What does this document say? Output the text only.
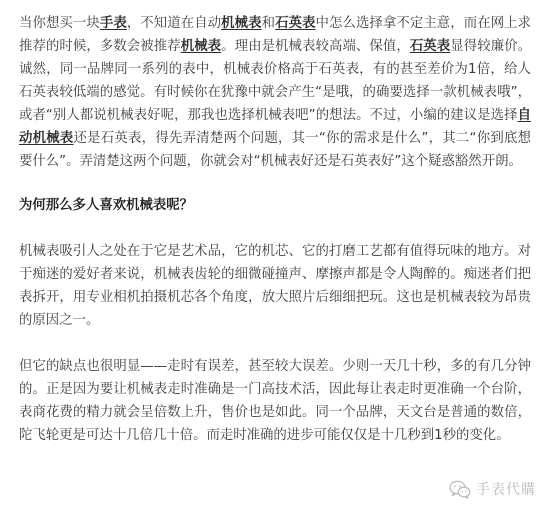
当你想买一块手表，不知道在自动机械表和石英表中怎么选择拿不定主意，而在网上求推荐的时候，多数会被推荐机械表。理由是机械表较高端、保值，石英表显得较廉价。诚然，同一品牌同一系列的表中，机械表价格高于石英表，有的甚至差价为1倍，给人石英表较低端的感觉。有时候你在犹豫中就会产生“是哦，的确要选择一款机械表哦”，或者“别人都说机械表好呢，那我也选择机械表吧”的想法。不过，小编的建议是选择自动机械表还是石英表，得先弄清楚两个问题，其一“你的需求是什么”，其二“你到底想要什么”。弄清楚这两个问题，你就会对“机械表好还是石英表好”这个疑惑豁然开朗。

为何那么多人喜欢机械表呢？

机械表吸引人之处在于它是艺术品，它的机芯、它的打磨工艺都有值得玩味的地方。对于痴迷的爱好者来说，机械表齿轮的细微碰撞声、摩擦声都是令人陶醉的。痴迷者们把表拆开，用专业相机拍摄机芯各个角度，放大照片后细细把玩。这也是机械表较为昂贵的原因之一。

但它的缺点也很明显——走时有误差，甚至较大误差。少则一天几十秒，多的有几分钟的。正是因为要让机械表走时准确是一门高技术活，因此每让表走时更准确一个台阶，表商花费的精力就会呈倍数上升，售价也是如此。同一个品牌，天文台是普通的数倍，陀飞轮更是可达十几倍几十倍。而走时准确的进步可能仅仅是十几秒到1秒的变化。

手表代購
